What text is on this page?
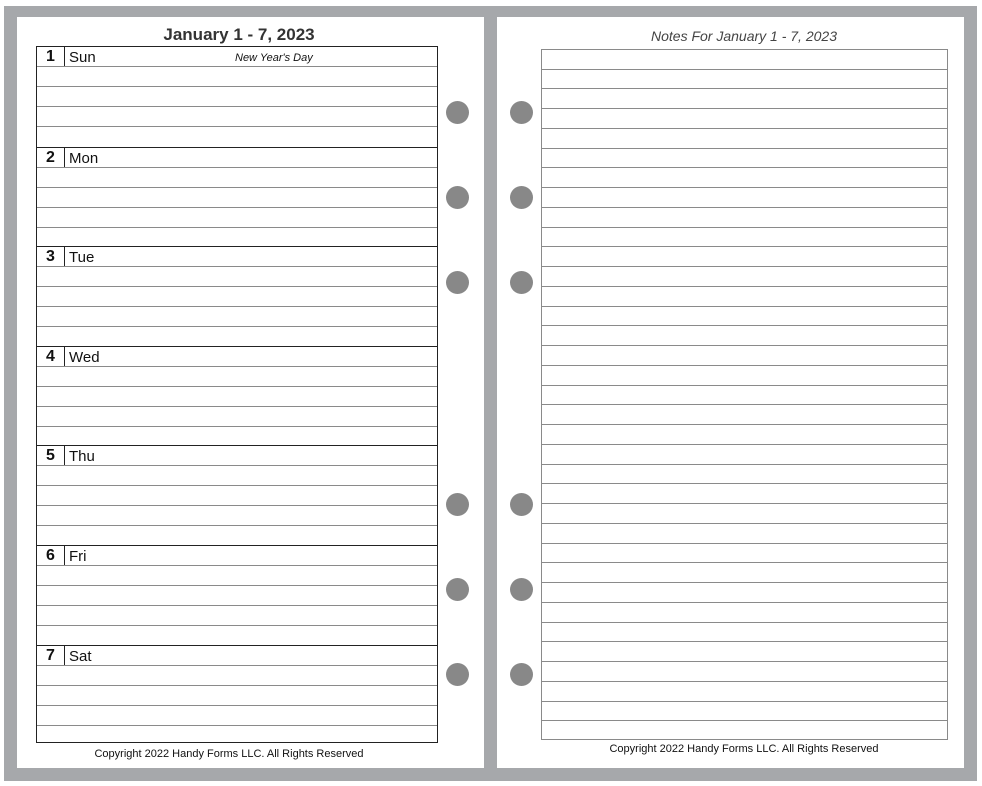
January 1 - 7, 2023
1 Sun	New Year's Day
2 Mon
3 Tue
4 Wed
5 Thu
6 Fri
7 Sat
Copyright 2022 Handy Forms LLC. All Rights Reserved
Notes For January 1 - 7, 2023
Copyright 2022 Handy Forms LLC. All Rights Reserved
